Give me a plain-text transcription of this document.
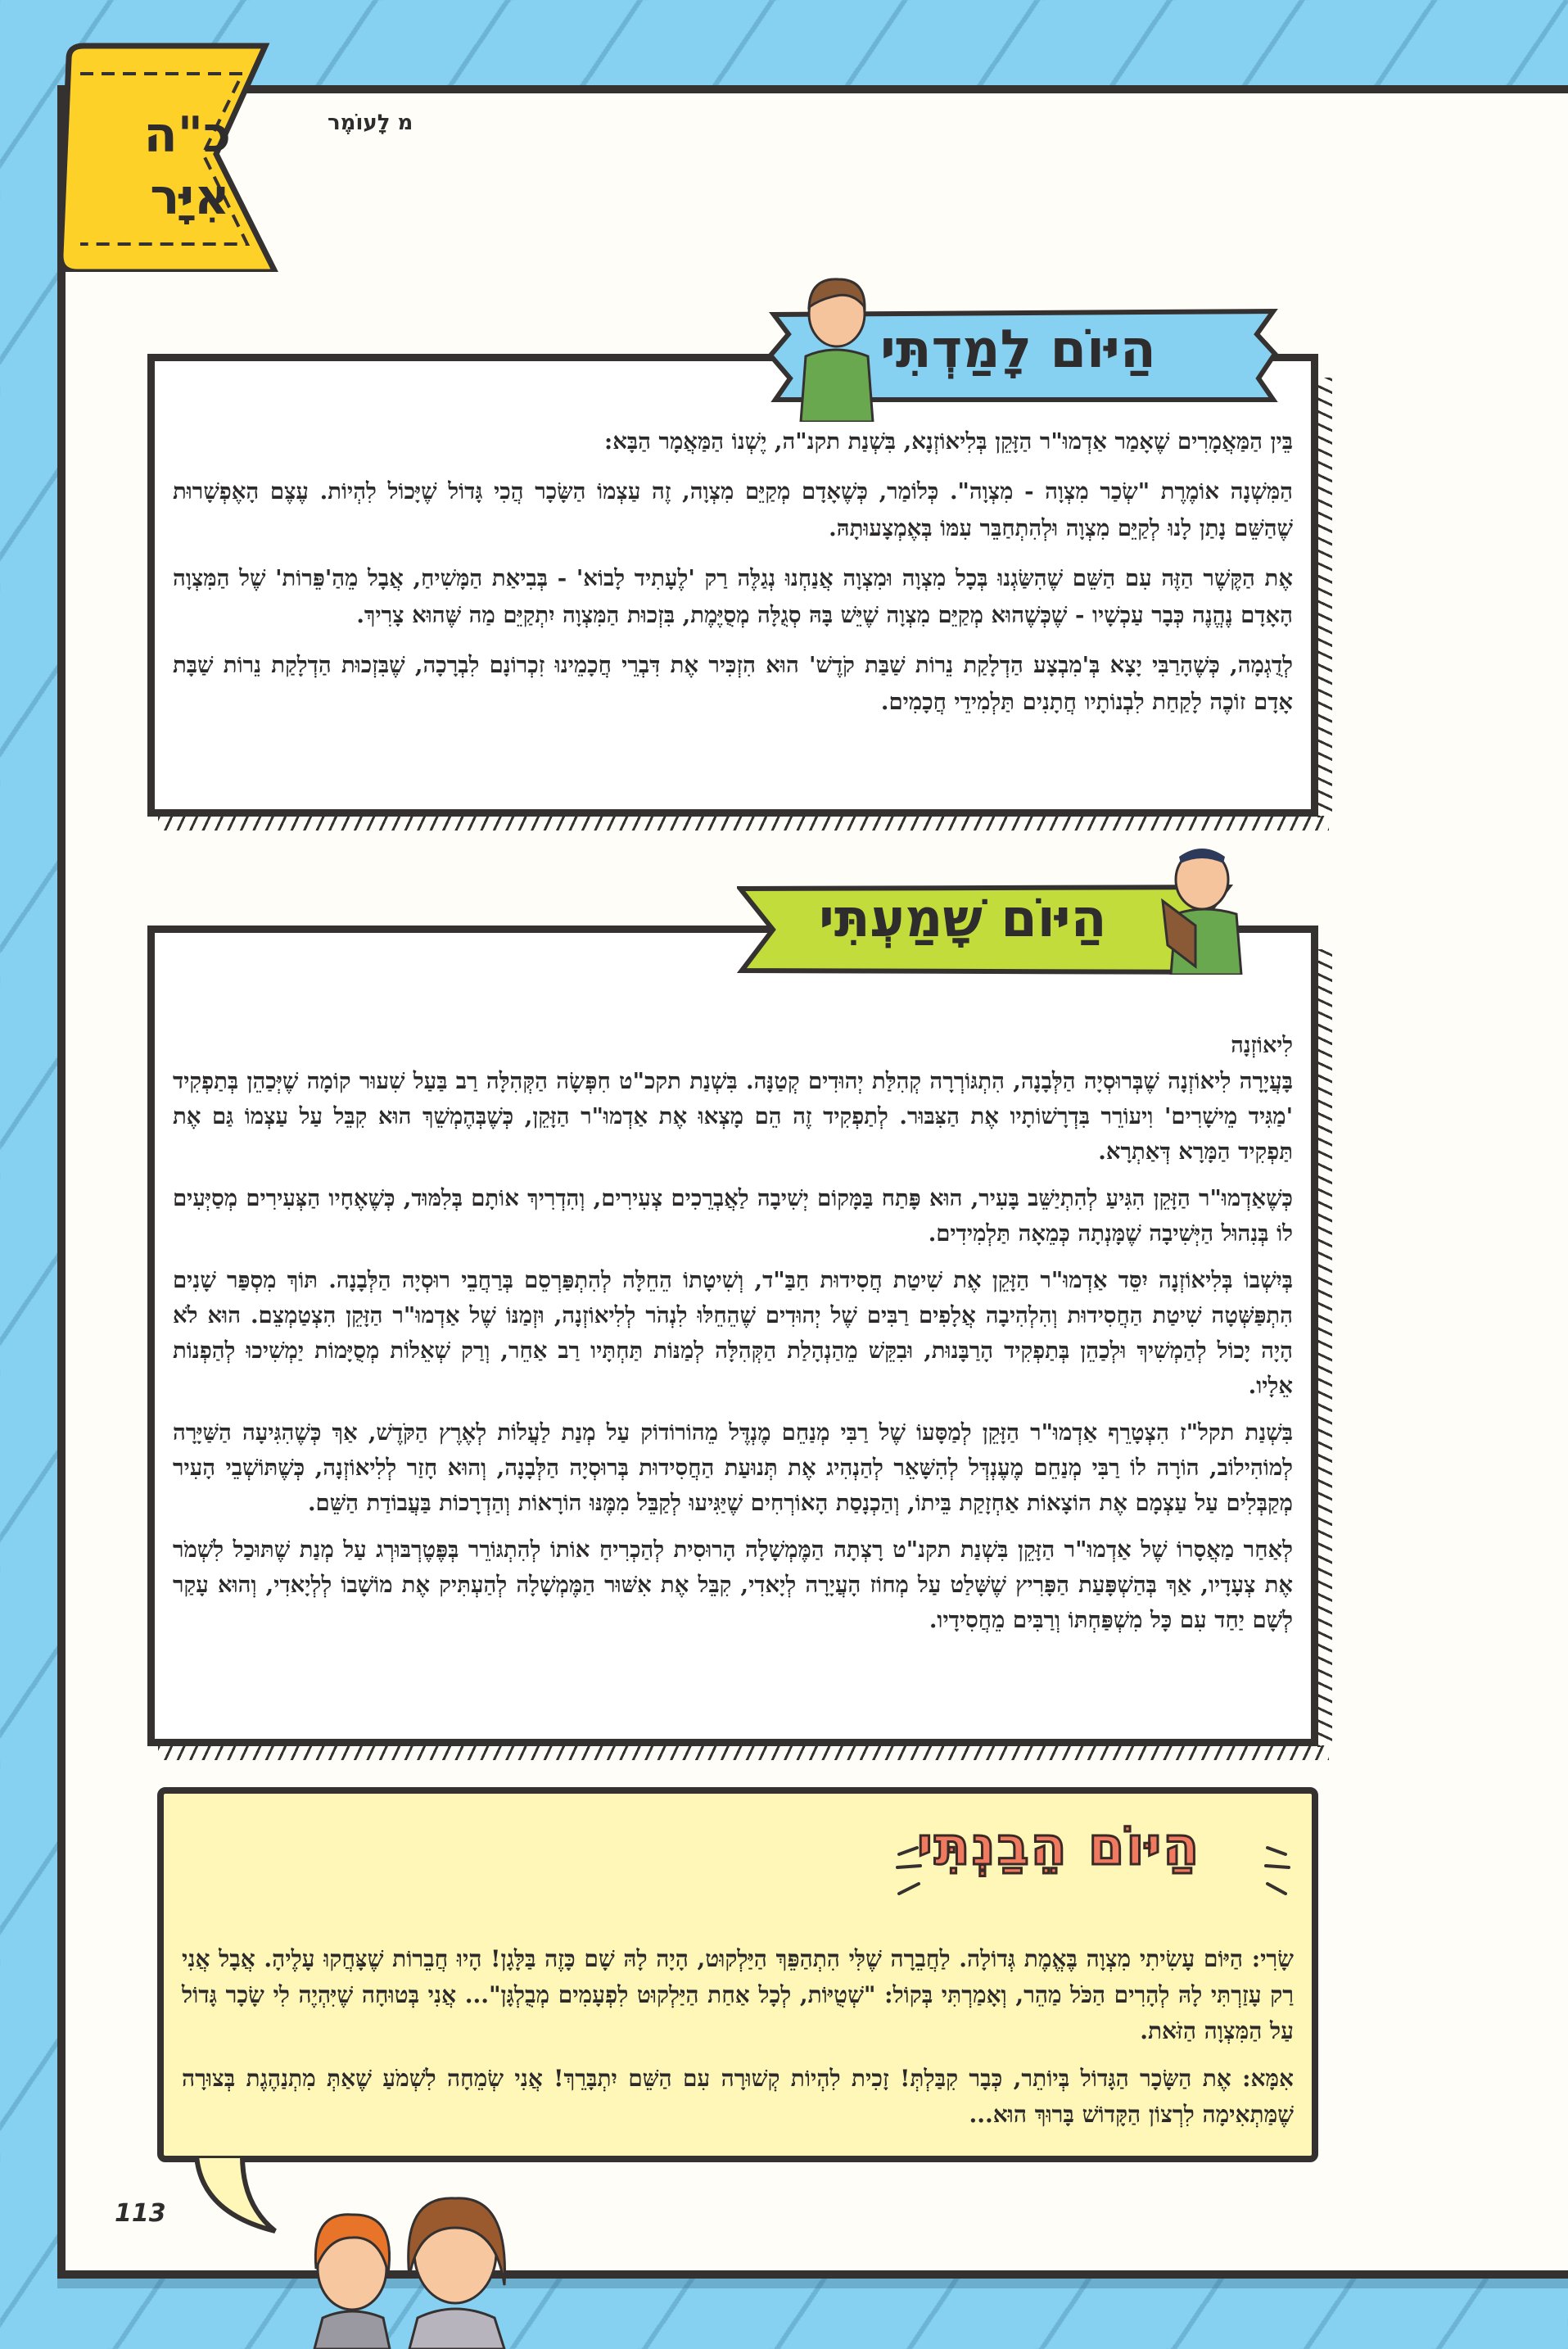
כ"ה
אִיָּר
מ לָעוֹמֶר

בֵּין הַמַּאֲמָרִים שֶׁאָמַר אַדְמוּ"ר הַזָּקֵן בְּלִיאוֹזְנָא, בִּשְׁנַת תקנ"ה, יֶשְׁנוֹ הַמַּאֲמָר הַבָּא:

הַמִּשְׁנָה אוֹמֶרֶת "שְׂכַר מִצְוָה - מִצְוָה". כְּלוֹמַר, כְּשֶׁאָדָם מְקַיֵּם מִצְוָה, זֶה עַצְמוֹ הַשָּׂכָר הֲכִי גָּדוֹל שֶׁיָּכוֹל לִהְיוֹת. עֶצֶם הָאֶפְשָׁרוּת שֶׁהַשֵּׁם נָתַן לָנוּ לְקַיֵּם מִצְוָה וּלְהִתְחַבֵּר עִמּוֹ בְּאֶמְצָעוּתָהּ.

אֶת הַקֶּשֶׁר הַזֶּה עִם הַשֵּׁם שֶׁהִשַּׂגְנוּ בְּכָל מִצְוָה וּמִצְוָה אֲנַחְנוּ נְגַלֶּה רַק 'לֶעָתִיד לָבוֹא' - בְּבִיאַת הַמָּשִׁיחַ, אֲבָל מֵהַ'פֵּרוֹת' שֶׁל הַמִּצְוָה הָאָדָם נֶהֱנֶה כְּבָר עַכְשָׁיו - שֶׁכְּשֶׁהוּא מְקַיֵּם מִצְוָה שֶׁיֵּשׁ בָּהּ סְגֻלָּה מְסֻיֶּמֶת, בִּזְכוּת הַמִּצְוָה יִתְקַיֵּם מַה שֶּׁהוּא צָרִיךְ.

לְדֻגְמָה, כְּשֶׁהָרַבִּי יָצָא בְּ'מִבְצָע הַדְלָקַת נֵרוֹת שַׁבַּת קֹדֶשׁ' הוּא הִזְכִּיר אֶת דִּבְרֵי חֲכָמֵינוּ זִכְרוֹנָם לִבְרָכָה, שֶׁבִּזְכוּת הַדְלָקַת נֵרוֹת שַׁבָּת אָדָם זוֹכֶה לָקַחַת לִבְנוֹתָיו חֲתָנִים תַּלְמִידֵי חֲכָמִים.

הַיּוֹם לָמַדְתִּי
לִיאוֹזְנָה

בָּעֲיָרָה לִיאוֹזְנָה שֶׁבְּרוּסְיָה הַלְּבָנָה, הִתְגּוֹרְרָה קְהִלַּת יְהוּדִים קְטַנָּה. בִּשְׁנַת תקכ"ט חִפְּשָׂה הַקְּהִלָּה רַב בַּעַל שִׁעוּר קוֹמָה שֶׁיְּכַהֵן בְּתַפְקִיד 'מַגִּיד מֵישָׁרִים' וִיעוֹרֵר בִּדְרָשׁוֹתָיו אֶת הַצִּבּוּר. לְתַפְקִיד זֶה הֵם מָצְאוּ אֶת אַדְמוּ"ר הַזָּקֵן, כְּשֶׁבְּהֶמְשֵׁךְ הוּא קִבֵּל עַל עַצְמוֹ גַּם אֶת תַּפְקִיד הַמָּרָא דְּאַתְרָא.

כְּשֶׁאַדְמוּ"ר הַזָּקֵן הִגִּיעַ לְהִתְיַשֵּׁב בָּעִיר, הוּא פָּתַח בַּמָּקוֹם יְשִׁיבָה לַאֲבְרֵכִים צְעִירִים, וְהִדְרִיךְ אוֹתָם בְּלִמּוּד, כְּשֶׁאֶחָיו הַצְּעִירִים מְסַיְּעִים לוֹ בְּנִהוּל הַיְּשִׁיבָה שֶׁמָּנְתָה כְּמֵאָה תַּלְמִידִים.

בְּיִשְׁבוֹ בְּלִיאוֹזְנָה יִסֵּד אַדְמוּ"ר הַזָּקֵן אֶת שִׁיטַת חֲסִידוּת חַבַּ"ד, וְשִׁיטָתוֹ הֵחֵלָּה לְהִתְפַּרְסֵם בְּרַחֲבֵי רוּסְיָה הַלְּבָנָה. תּוֹךְ מִסְפַּר שָׁנִים הִתְפַּשְּׁטָה שִׁיטַת הַחֲסִידוּת וְהִלְהִיבָה אֲלָפִים רַבִּים שֶׁל יְהוּדִים שֶׁהֵחֵלּוּ לִנְהֹר לְלִיאוֹזְנָה, וּזְמַנּוֹ שֶׁל אַדְמוּ"ר הַזָּקֵן הִצְטַמְצֵם. הוּא לֹא הָיָה יָכוֹל לְהַמְשִׁיךְ וּלְכַהֵן בְּתַפְקִיד הָרַבָּנוּת, וּבִקֵּשׁ מֵהַנְהָלַת הַקְּהִלָּה לְמַנּוֹת תַּחְתָּיו רַב אַחֵר, וְרַק שְׁאֵלוֹת מְסֻיָּמוֹת יַמְשִׁיכוּ לְהַפְנוֹת אֵלָיו.

בִּשְׁנַת תקל"ז הִצְטָרֵף אַדְמוּ"ר הַזָּקֵן לְמַסָּעוֹ שֶׁל רַבִּי מְנַחֵם מֶנְדֶּל מֵהוֹרוֹדוֹק עַל מְנַת לַעֲלוֹת לְאֶרֶץ הַקֹּדֶשׁ, אַךְ כְּשֶׁהִגִּיעָה הַשַּׁיָּרָה לְמוֹהִילוֹב, הוֹרָה לוֹ רַבִּי מְנַחֵם מֶעֶנְדְּל לְהִשָּׁאֵר לְהַנְהִיג אֶת תְּנוּעַת הַחֲסִידוּת בְּרוּסְיָה הַלְּבָנָה, וְהוּא חָזַר לְלִיאוֹזְנָה, כְּשֶׁתּוֹשְׁבֵי הָעִיר מְקַבְּלִים עַל עַצְמָם אֶת הוֹצָאוֹת אַחְזָקַת בֵּיתוֹ, וְהַכְנָסַת הָאוֹרְחִים שֶׁיַּגִּיעוּ לְקַבֵּל מִמֶּנּוּ הוֹרָאוֹת וְהַדְרָכוֹת בַּעֲבוֹדַת הַשֵּׁם.

לְאַחַר מַאֲסָרוֹ שֶׁל אַדְמוּ"ר הַזָּקֵן בִּשְׁנַת תקנ"ט רָצְתָה הַמֶּמְשָׁלָה הָרוּסִית לְהַכְרִיחַ אוֹתוֹ לְהִתְגּוֹרֵר בְּפֶּטֶרְבּוּרְג עַל מְנַת שֶׁתּוּכַל לִשְׁמֹר אֶת צְעָדָיו, אַךְ בְּהַשְׁפָּעַת הַפָּרִיץ שֶׁשָּׁלַט עַל מְחוֹז הָעֲיָרָה לְיָאדִי, קִבֵּל אֶת אִשּׁוּר הַמֶּמְשָׁלָה לְהַעְתִּיק אֶת מוֹשָׁבוֹ לְלְיָאדִי, וְהוּא עָקַר לְשָׁם יַחַד עִם כָּל מִשְׁפַּחְתּוֹ וְרַבִּים מֵחֲסִידָיו.

הַיּוֹם שָׁמַעְתִּי

שָׂרִי: הַיּוֹם עָשִׂיתִי מִצְוָה בֶּאֱמֶת גְּדוֹלָה. לַחֲבֵרָה שֶׁלִּי הִתְהַפֵּךְ הַיַּלְקוּט, הָיָה לָהּ שָׁם כָּזֶה בַּלָּגָן! הָיוּ חֲבֵרוֹת שֶׁצָּחֲקוּ עָלֶיהָ. אֲבָל אֲנִי רַק עָזַרְתִּי לָהּ לְהָרִים הַכֹּל מַהֵר, וְאָמַרְתִּי בְּקוֹל: "שְׁטֻיּוֹת, לְכָל אַחַת הַיַּלְקוּט לִפְעָמִים מְבֻלְגָּן"... אֲנִי בְּטוּחָה שֶׁיִּהְיֶה לִי שָׂכָר גָּדוֹל עַל הַמִּצְוָה הַזֹּאת.

אִמָּא: אֶת הַשָּׂכָר הַגָּדוֹל בְּיוֹתֵר, כְּבָר קִבַּלְתְּ! זָכִית לִהְיוֹת קְשׁוּרָה עִם הַשֵּׁם יִתְבָּרֵךְ! אֲנִי שְׂמֵחָה לִשְׁמֹעַ שֶׁאַתְּ מִתְנַהֶגֶת בְּצוּרָה שֶׁמַּתְאִימָה לִרְצוֹן הַקָּדוֹשׁ בָּרוּךְ הוּא...

הַיּוֹם הֵבַנְתִּי
113
